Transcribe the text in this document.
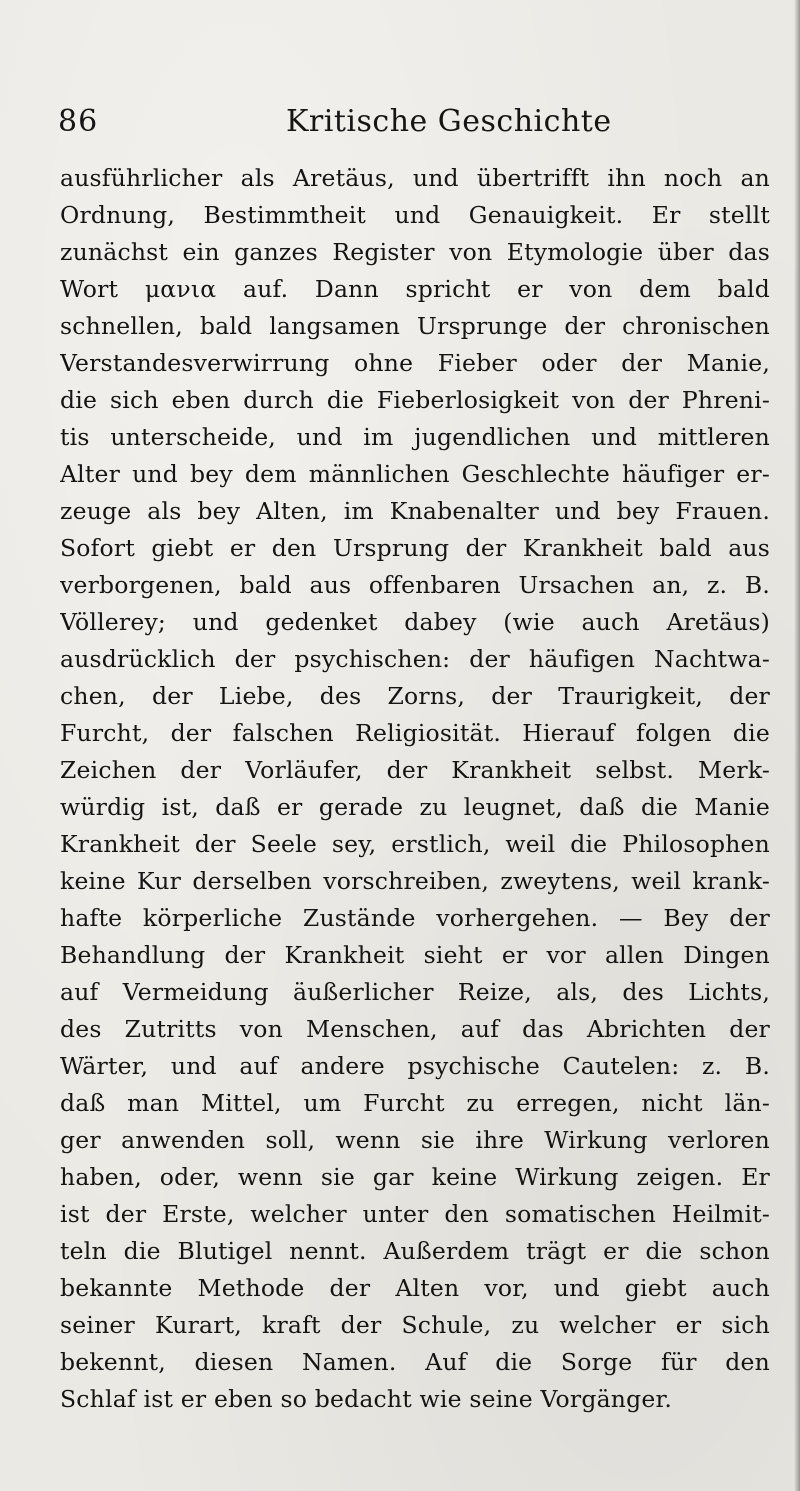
86	Kritische Geschichte
ausführlicher als Aretäus, und übertrifft ihn noch an
Ordnung, Bestimmtheit und Genauigkeit. Er stellt
zunächst ein ganzes Register von Etymologie über das
Wort μανια auf. Dann spricht er von dem bald
schnellen, bald langsamen Ursprunge der chronischen
Verstandesverwirrung ohne Fieber oder der Manie,
die sich eben durch die Fieberlosigkeit von der Phreni-
tis unterscheide, und im jugendlichen und mittleren
Alter und bey dem männlichen Geschlechte häufiger er-
zeuge als bey Alten, im Knabenalter und bey Frauen.
Sofort giebt er den Ursprung der Krankheit bald aus
verborgenen, bald aus offenbaren Ursachen an, z. B.
Völlerey; und gedenket dabey (wie auch Aretäus)
ausdrücklich der psychischen: der häufigen Nachtwa-
chen, der Liebe, des Zorns, der Traurigkeit, der
Furcht, der falschen Religiosität. Hierauf folgen die
Zeichen der Vorläufer, der Krankheit selbst. Merk-
würdig ist, daß er gerade zu leugnet, daß die Manie
Krankheit der Seele sey, erstlich, weil die Philosophen
keine Kur derselben vorschreiben, zweytens, weil krank-
hafte körperliche Zustände vorhergehen. — Bey der
Behandlung der Krankheit sieht er vor allen Dingen
auf Vermeidung äußerlicher Reize, als, des Lichts,
des Zutritts von Menschen, auf das Abrichten der
Wärter, und auf andere psychische Cautelen: z. B.
daß man Mittel, um Furcht zu erregen, nicht län-
ger anwenden soll, wenn sie ihre Wirkung verloren
haben, oder, wenn sie gar keine Wirkung zeigen. Er
ist der Erste, welcher unter den somatischen Heilmit-
teln die Blutigel nennt. Außerdem trägt er die schon
bekannte Methode der Alten vor, und giebt auch
seiner Kurart, kraft der Schule, zu welcher er sich
bekennt, diesen Namen. Auf die Sorge für den
Schlaf ist er eben so bedacht wie seine Vorgänger.
